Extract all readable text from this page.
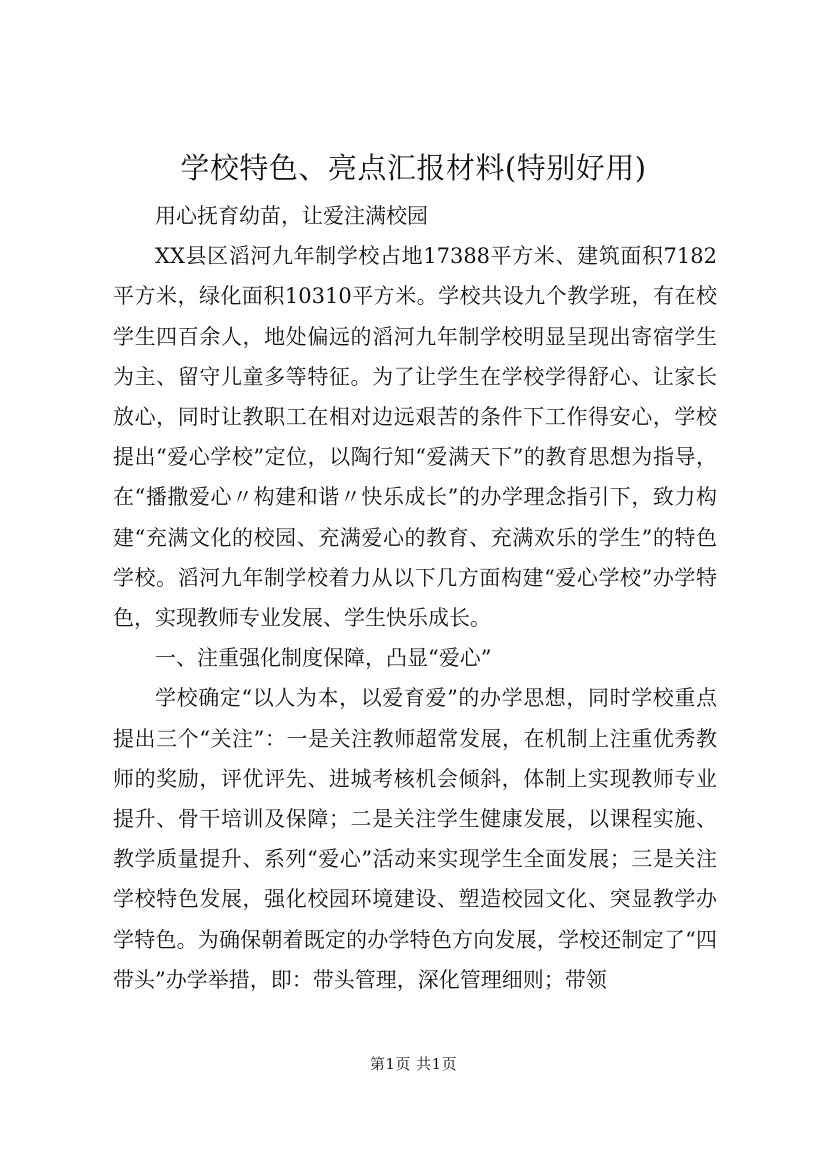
学校特色、亮点汇报材料(特别好用)

用心抚育幼苗，让爱注满校园

XX县区滔河九年制学校占地17388平方米、建筑面积7182平方米，绿化面积10310平方米。学校共设九个教学班，有在校学生四百余人，地处偏远的滔河九年制学校明显呈现出寄宿学生为主、留守儿童多等特征。为了让学生在学校学得舒心、让家长放心，同时让教职工在相对边远艰苦的条件下工作得安心，学校提出“爱心学校”定位，以陶行知“爱满天下”的教育思想为指导，在“播撒爱心〃构建和谐〃快乐成长”的办学理念指引下，致力构建“充满文化的校园、充满爱心的教育、充满欢乐的学生”的特色学校。滔河九年制学校着力从以下几方面构建“爱心学校”办学特色，实现教师专业发展、学生快乐成长。

一、注重强化制度保障，凸显“爱心”

学校确定“以人为本，以爱育爱”的办学思想，同时学校重点提出三个“关注”：一是关注教师超常发展，在机制上注重优秀教师的奖励，评优评先、进城考核机会倾斜，体制上实现教师专业提升、骨干培训及保障；二是关注学生健康发展，以课程实施、教学质量提升、系列“爱心”活动来实现学生全面发展；三是关注学校特色发展，强化校园环境建设、塑造校园文化、突显教学办学特色。为确保朝着既定的办学特色方向发展，学校还制定了“四带头”办学举措，即：带头管理，深化管理细则；带领

第1页 共1页
